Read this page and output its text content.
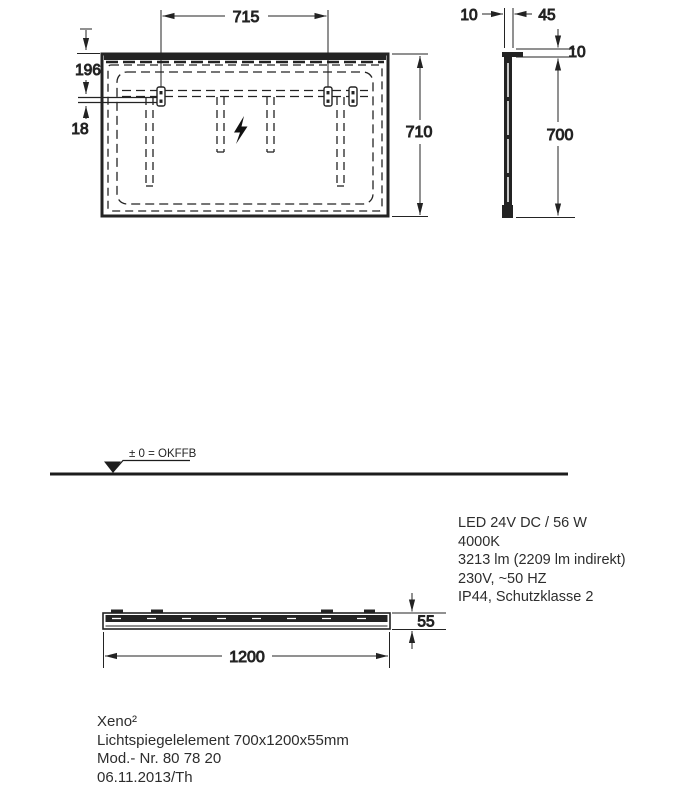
715
710
196
18
10	45
10
700
± 0 = OKFFB
1200
55
LED 24V DC / 56 W
4000K
3213 lm (2209 lm indirekt)
230V, ~50 HZ
IP44, Schutzklasse 2
Xeno²
Lichtspiegelelement 700x1200x55mm
Mod.- Nr. 80 78 20
06.11.2013/Th
